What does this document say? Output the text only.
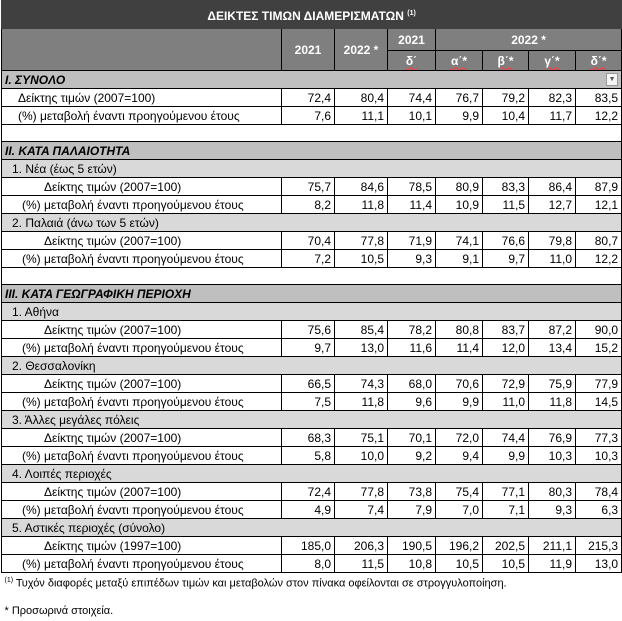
ΔΕΙΚΤΕΣ ΤΙΜΩΝ ΔΙΑΜΕΡΙΣΜΑΤΩΝ $^{(1)}$
	2021	2022 *	2021	2022 *			
			δ΄	α΄*	β΄*	γ΄*	δ΄*
I. ΣΥΝΟΛΟ ▼							

Δείκτης τιμών (2007=100)	72,4	80,4	74,4	76,7	79,2	82,3	83,5
(%) μεταβολή έναντι προηγούμενου έτους	7,6	11,1	10,1	9,9	10,4	11,7	12,2

II. ΚΑΤΑ ΠΑΛΑΙΟΤΗΤΑ							
1. Νέα (έως 5 ετών)							
Δείκτης τιμών (2007=100)	75,7	84,6	78,5	80,9	83,3	86,4	87,9
(%) μεταβολή έναντι προηγούμενου έτους	8,2	11,8	11,4	10,9	11,5	12,7	12,1
2. Παλαιά (άνω των 5 ετών)							
Δείκτης τιμών (2007=100)	70,4	77,8	71,9	74,1	76,6	79,8	80,7
(%) μεταβολή έναντι προηγούμενου έτους	7,2	10,5	9,3	9,1	9,7	11,0	12,2

III. ΚΑΤΑ ΓΕΩΓΡΑΦΙΚΗ ΠΕΡΙΟΧΗ							
1. Αθήνα							
Δείκτης τιμών (2007=100)	75,6	85,4	78,2	80,8	83,7	87,2	90,0
(%) μεταβολή έναντι προηγούμενου έτους	9,7	13,0	11,6	11,4	12,0	13,4	15,2
2. Θεσσαλονίκη							
Δείκτης τιμών (2007=100)	66,5	74,3	68,0	70,6	72,9	75,9	77,9
(%) μεταβολή έναντι προηγούμενου έτους	7,5	11,8	9,6	9,9	11,0	11,8	14,5
3. Άλλες μεγάλες πόλεις							
Δείκτης τιμών (2007=100)	68,3	75,1	70,1	72,0	74,4	76,9	77,3
(%) μεταβολή έναντι προηγούμενου έτους	5,8	10,0	9,2	9,4	9,9	10,3	10,3
4. Λοιπές περιοχές							
Δείκτης τιμών (2007=100)	72,4	77,8	73,8	75,4	77,1	80,3	78,4
(%) μεταβολή έναντι προηγούμενου έτους	4,9	7,4	7,9	7,0	7,1	9,3	6,3
5. Αστικές περιοχές (σύνολο)							
Δείκτης τιμών (1997=100)	185,0	206,3	190,5	196,2	202,5	211,1	215,3
(%) μεταβολή έναντι προηγούμενου έτους	8,0	11,5	10,8	10,5	10,5	11,9	13,0
$^{(1)}$ Τυχόν διαφορές μεταξύ επιπέδων τιμών και μεταβολών στον πίνακα οφείλονται σε στρογγυλοποίηση.							

* Προσωρινά στοιχεία.							
